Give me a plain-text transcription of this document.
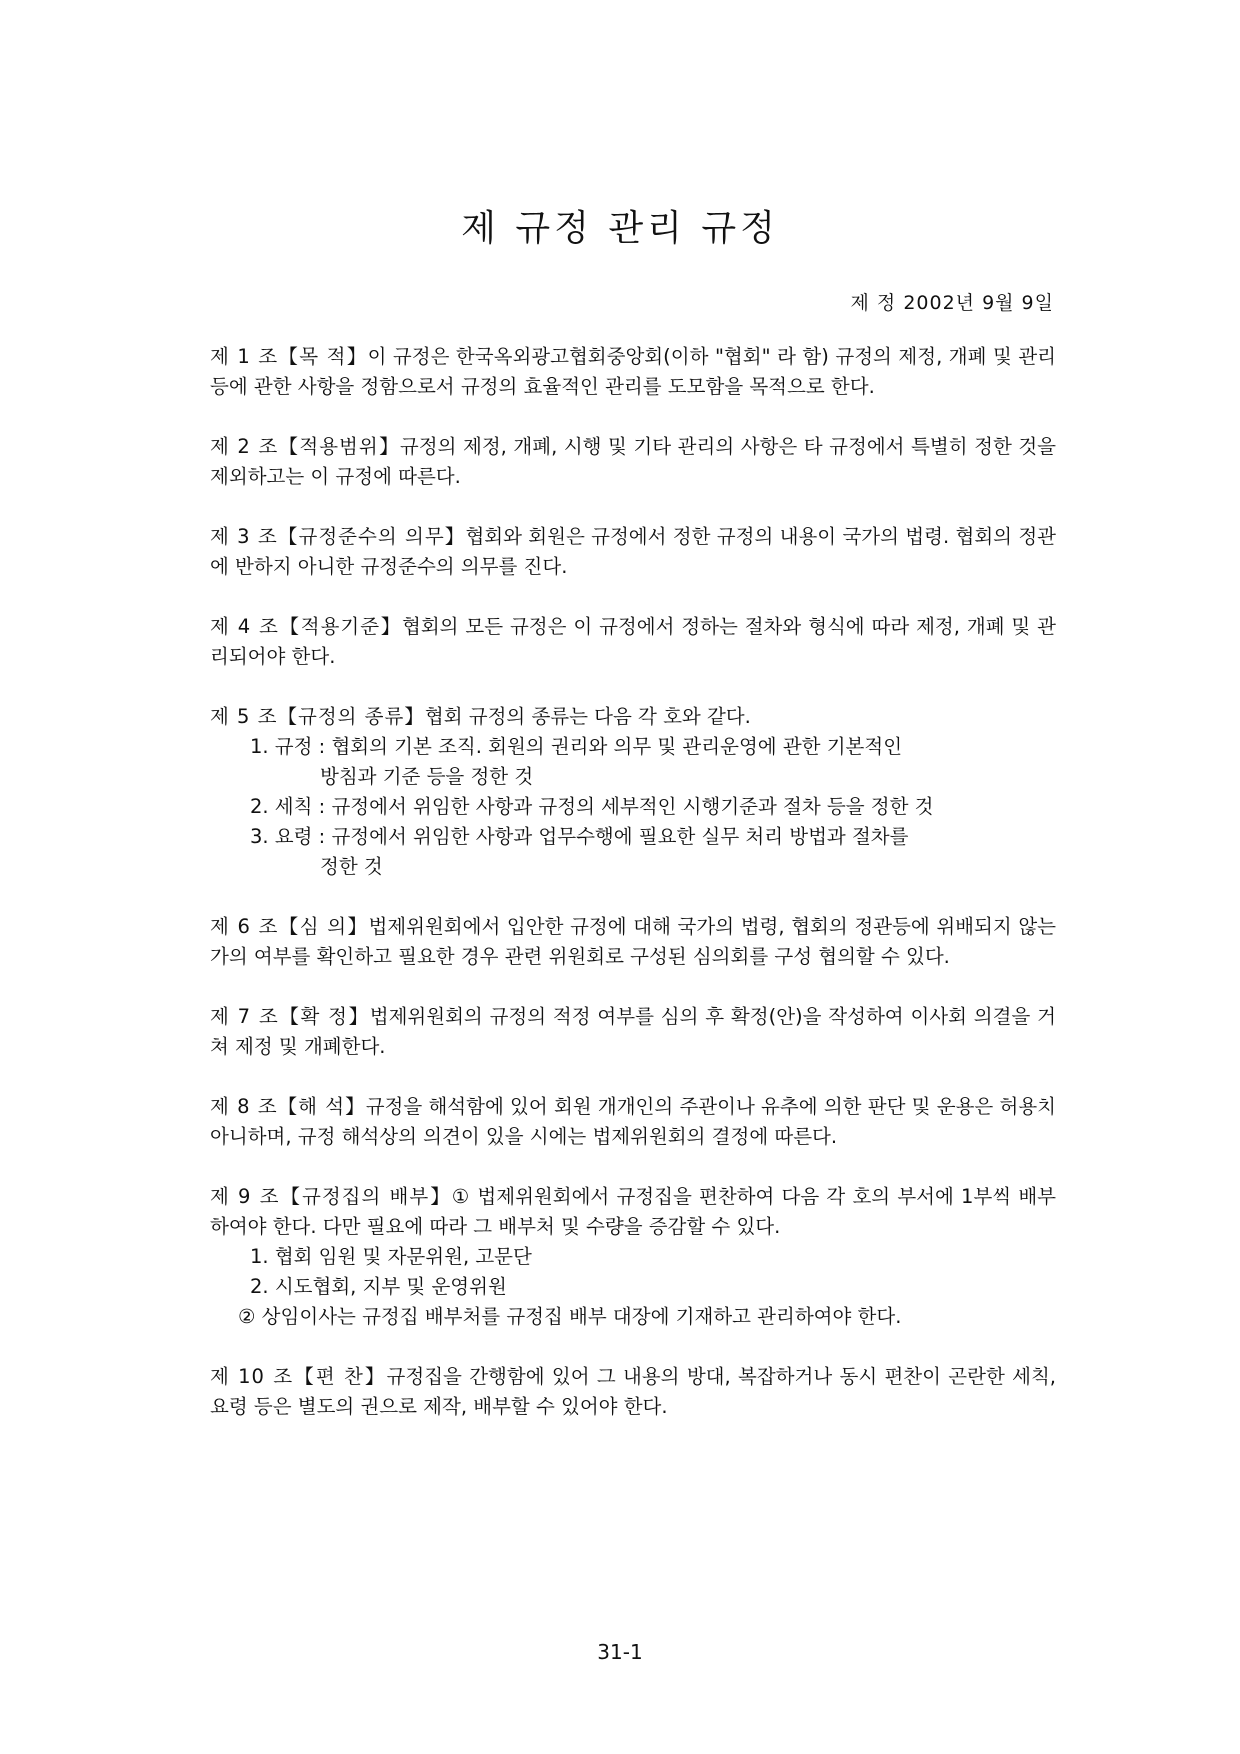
제 규정 관리 규정
제 정 2002년 9월 9일

제 1 조【목 적】이 규정은 한국옥외광고협회중앙회(이하 "협회" 라 함) 규정의 제정, 개폐 및 관리 등에 관한 사항을 정함으로서 규정의 효율적인 관리를 도모함을 목적으로 한다.

제 2 조【적용범위】규정의 제정, 개폐, 시행 및 기타 관리의 사항은 타 규정에서 특별히 정한 것을 제외하고는 이 규정에 따른다.

제 3 조【규정준수의 의무】협회와 회원은 규정에서 정한 규정의 내용이 국가의 법령. 협회의 정관에 반하지 아니한 규정준수의 의무를 진다.

제 4 조【적용기준】협회의 모든 규정은 이 규정에서 정하는 절차와 형식에 따라 제정, 개폐 및 관리되어야 한다.

제 5 조【규정의 종류】협회 규정의 종류는 다음 각 호와 같다.

1. 규정 : 협회의 기본 조직. 회원의 권리와 의무 및 관리운영에 관한 기본적인
방침과 기준 등을 정한 것
2. 세칙 : 규정에서 위임한 사항과 규정의 세부적인 시행기준과 절차 등을 정한 것
3. 요령 : 규정에서 위임한 사항과 업무수행에 필요한 실무 처리 방법과 절차를
정한 것

제 6 조【심 의】법제위원회에서 입안한 규정에 대해 국가의 법령, 협회의 정관등에 위배되지 않는가의 여부를 확인하고 필요한 경우 관련 위원회로 구성된 심의회를 구성 협의할 수 있다.

제 7 조【확 정】법제위원회의 규정의 적정 여부를 심의 후 확정(안)을 작성하여 이사회 의결을 거쳐 제정 및 개폐한다.

제 8 조【해 석】규정을 해석함에 있어 회원 개개인의 주관이나 유추에 의한 판단 및 운용은 허용치 아니하며, 규정 해석상의 의견이 있을 시에는 법제위원회의 결정에 따른다.

제 9 조【규정집의 배부】① 법제위원회에서 규정집을 편찬하여 다음 각 호의 부서에 1부씩 배부하여야 한다. 다만 필요에 따라 그 배부처 및 수량을 증감할 수 있다.

1. 협회 임원 및 자문위원, 고문단
2. 시도협회, 지부 및 운영위원
② 상임이사는 규정집 배부처를 규정집 배부 대장에 기재하고 관리하여야 한다.

제 10 조【편 찬】규정집을 간행함에 있어 그 내용의 방대, 복잡하거나 동시 편찬이 곤란한 세칙, 요령 등은 별도의 권으로 제작, 배부할 수 있어야 한다.

31-1
